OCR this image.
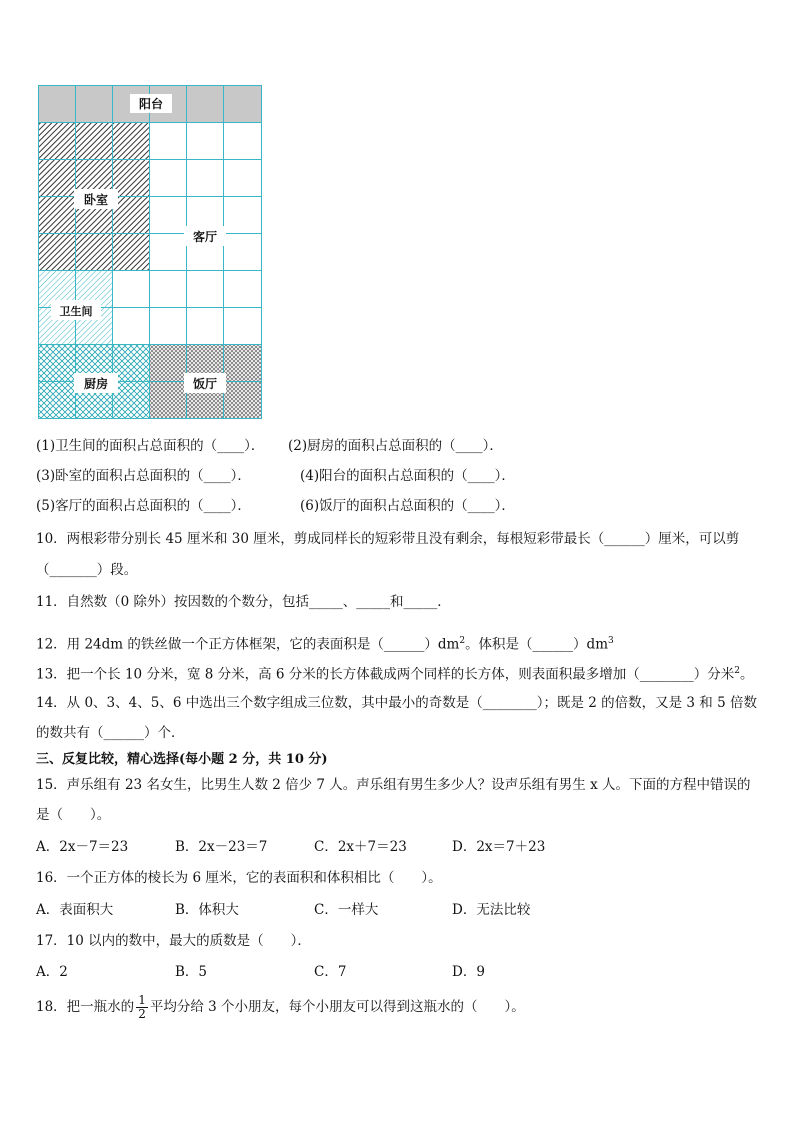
阳台
卧室
客厅
卫生间
厨房	饭厅
(1)卫生间的面积占总面积的（____）． (2)厨房的面积占总面积的（____）．
(3)卧室的面积占总面积的（____）．	(4)阳台的面积占总面积的（____）．
(5)客厅的面积占总面积的（____）．	(6)饭厅的面积占总面积的（____）．
10．两根彩带分别长 45 厘米和 30 厘米，剪成同样长的短彩带且没有剩余，每根短彩带最长（______）厘米，可以剪
（_______）段。
11．自然数（0 除外）按因数的个数分，包括_____、_____和_____．
12．用 24dm 的铁丝做一个正方体框架，它的表面积是$(\_\_\_\_\_\_)dm^2$。体积是$(\_\_\_\_\_\_)dm^3$
13．把一个长 10 分米，宽 8 分米，高 6 分米的长方体截成两个同样的长方体，则表面积最多增加（________）分米$^2$。
14．从 0、3、4、5、6 中选出三个数字组成三位数，其中最小的奇数是（________）；既是 2 的倍数，又是 3 和 5 倍数
的数共有（______）个．
三、反复比较，精心选择(每小题 2 分，共 10 分)
15．声乐组有 23 名女生，比男生人数 2 倍少 7 人。声乐组有男生多少人？设声乐组有男生 x 人。下面的方程中错误的
是（　　）。
A．2x－7＝23	B．2x－23＝7	C．2x＋7＝23	D．2x＝7＋23
16．一个正方体的棱长为 6 厘米，它的表面积和体积相比（　　）。
A．表面积大	B．体积大	C．一样大	D．无法比较
17．10 以内的数中，最大的质数是（　　）．
A．2	B．5	C．7	D．9
18．把一瓶水的 $\frac{1}{2}$ 平均分给 3 个小朋友，每个小朋友可以得到这瓶水的（　　）。
